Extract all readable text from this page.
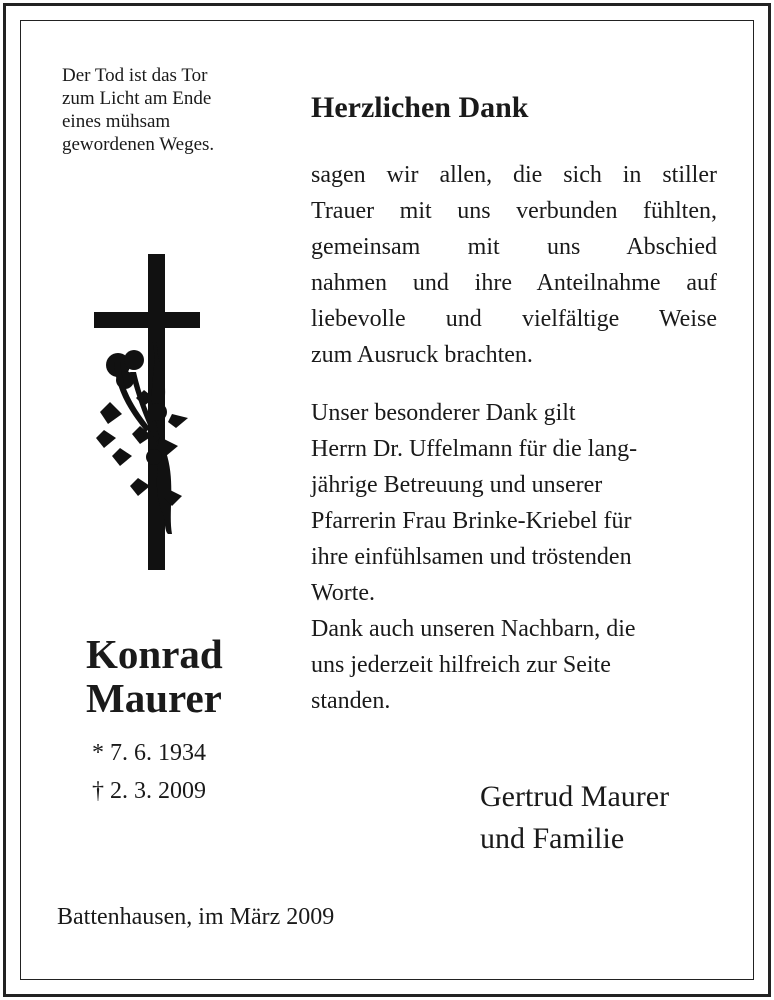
Der Tod ist das Tor
zum Licht am Ende
eines mühsam
gewordenen Weges.
Konrad
Maurer
* 7. 6. 1934
† 2. 3. 2009
Herzlichen Dank
sagen wir allen, die sich in stiller
Trauer mit uns verbunden fühlten,
gemeinsam mit uns Abschied
nahmen und ihre Anteilnahme auf
liebevolle und vielfältige Weise
zum Ausruck brachten.
Unser besonderer Dank gilt
Herrn Dr. Uffelmann für die lang-
jährige Betreuung und unserer
Pfarrerin Frau Brinke-Kriebel für
ihre einfühlsamen und tröstenden
Worte.
Dank auch unseren Nachbarn, die
uns jederzeit hilfreich zur Seite
standen.
Gertrud Maurer
und Familie
Battenhausen, im März 2009
